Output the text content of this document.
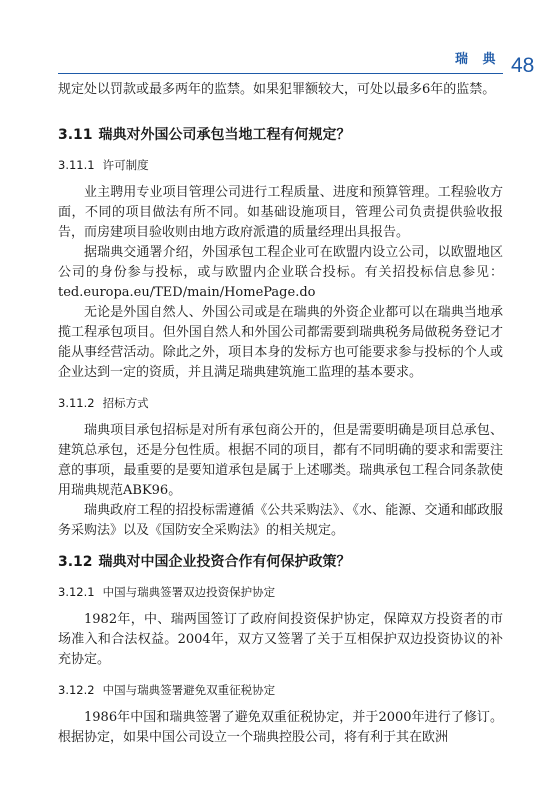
瑞 典 48

规定处以罚款或最多两年的监禁。如果犯罪额较大，可处以最多6年的监禁。

3.11 瑞典对外国公司承包当地工程有何规定？
3.11.1 许可制度

业主聘用专业项目管理公司进行工程质量、进度和预算管理。工程验收方面，不同的项目做法有所不同。如基础设施项目，管理公司负责提供验收报告，而房建项目验收则由地方政府派遣的质量经理出具报告。

据瑞典交通署介绍，外国承包工程企业可在欧盟内设立公司，以欧盟地区公司的身份参与投标，或与欧盟内企业联合投标。有关招投标信息参见：ted.europa.eu/TED/main/HomePage.do

无论是外国自然人、外国公司或是在瑞典的外资企业都可以在瑞典当地承揽工程承包项目。但外国自然人和外国公司都需要到瑞典税务局做税务登记才能从事经营活动。除此之外，项目本身的发标方也可能要求参与投标的个人或企业达到一定的资质，并且满足瑞典建筑施工监理的基本要求。

3.11.2 招标方式

瑞典项目承包招标是对所有承包商公开的，但是需要明确是项目总承包、建筑总承包，还是分包性质。根据不同的项目，都有不同明确的要求和需要注意的事项，最重要的是要知道承包是属于上述哪类。瑞典承包工程合同条款使用瑞典规范ABK96。

瑞典政府工程的招投标需遵循《公共采购法》、《水、能源、交通和邮政服务采购法》以及《国防安全采购法》的相关规定。

3.12 瑞典对中国企业投资合作有何保护政策？
3.12.1 中国与瑞典签署双边投资保护协定

1982年，中、瑞两国签订了政府间投资保护协定，保障双方投资者的市场准入和合法权益。2004年，双方又签署了关于互相保护双边投资协议的补充协定。

3.12.2 中国与瑞典签署避免双重征税协定

1986年中国和瑞典签署了避免双重征税协定，并于2000年进行了修订。根据协定，如果中国公司设立一个瑞典控股公司，将有利于其在欧洲
